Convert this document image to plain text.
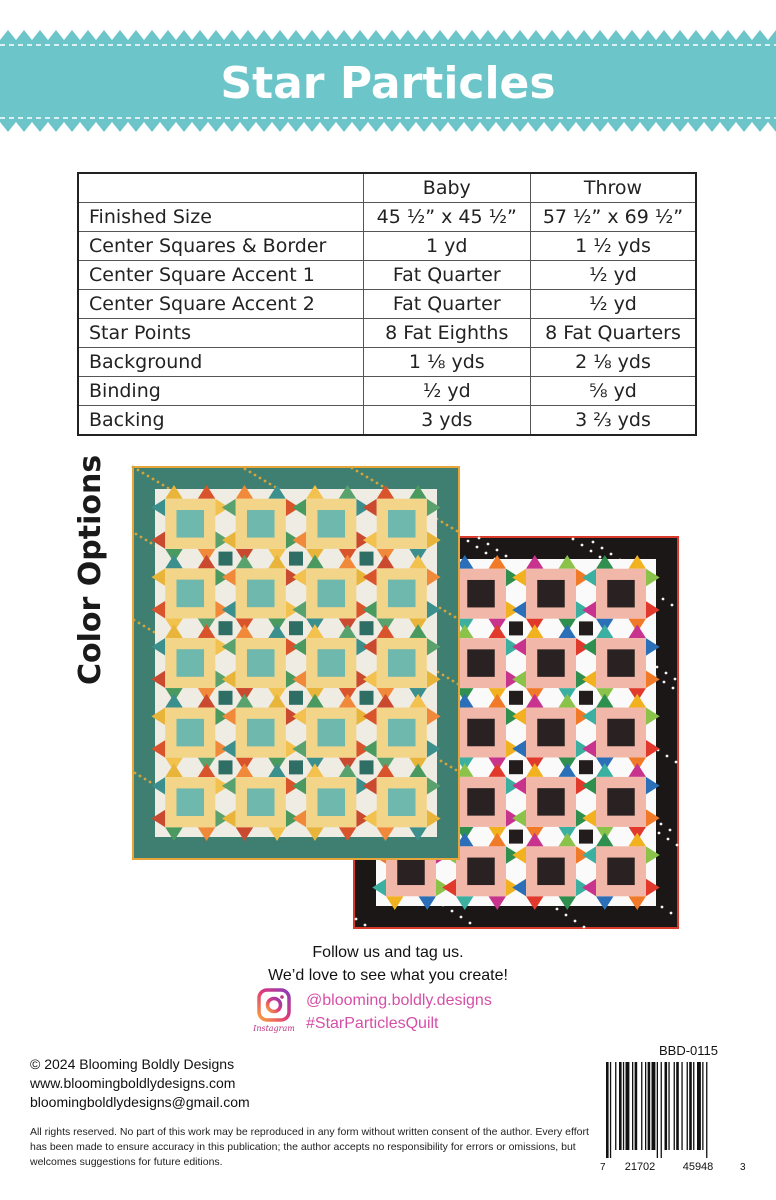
Star Particles
	Baby	Throw
Finished Size	45 ½” x 45 ½”	57 ½” x 69 ½”
Center Squares & Border	1 yd	1 ½ yds
Center Square Accent 1	Fat Quarter	½ yd
Center Square Accent 2	Fat Quarter	½ yd
Star Points	8 Fat Eighths	8 Fat Quarters
Background	1 ⅛ yds	2 ⅛ yds
Binding	½ yd	⅝ yd
Backing	3 yds	3 ⅔ yds
Color Options
Follow us and tag us.
We’d love to see what you create!
Instagram
@blooming.boldly.designs
#StarParticlesQuilt
© 2024 Blooming Boldly Designs
www.bloomingboldlydesigns.com
bloomingboldlydesigns@gmail.com
All rights reserved. No part of this work may be reproduced in any form without written consent of the author. Every effort has been made to ensure accuracy in this publication; the author accepts no responsibility for errors or omissions, but welcomes suggestions for future editions.
BBD-0115
7 21702 45948	3
